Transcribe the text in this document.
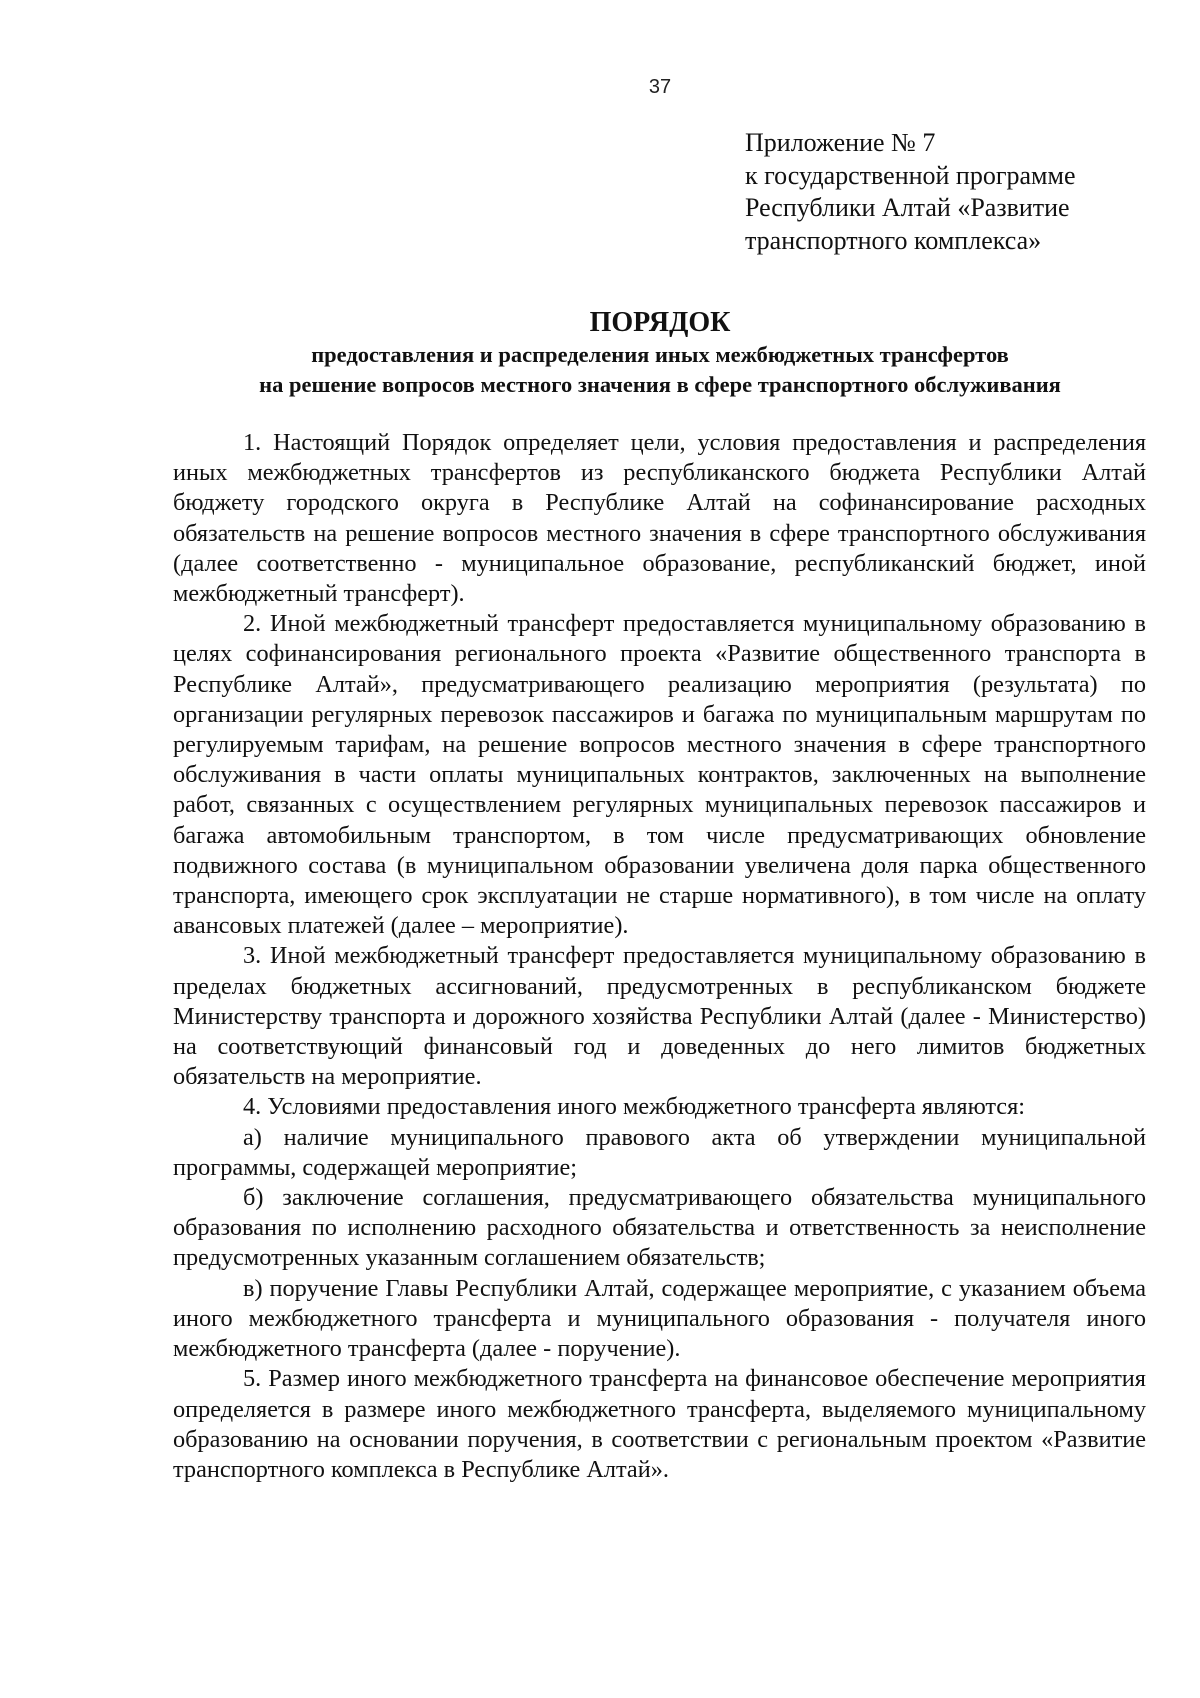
37
Приложение № 7
к государственной программе
Республики Алтай «Развитие
транспортного комплекса»
ПОРЯДОК
предоставления и распределения иных межбюджетных трансфертов
на решение вопросов местного значения в сфере транспортного обслуживания

1. Настоящий Порядок определяет цели, условия предоставления и распределения иных межбюджетных трансфертов из республиканского бюджета Республики Алтай бюджету городского округа в Республике Алтай на софинансирование расходных обязательств на решение вопросов местного значения в сфере транспортного обслуживания (далее соответственно - муниципальное образование, республиканский бюджет, иной межбюджетный трансферт).

2. Иной межбюджетный трансферт предоставляется муниципальному образованию в целях софинансирования регионального проекта «Развитие общественного транспорта в Республике Алтай», предусматривающего реализацию мероприятия (результата) по организации регулярных перевозок пассажиров и багажа по муниципальным маршрутам по регулируемым тарифам, на решение вопросов местного значения в сфере транспортного обслуживания в части оплаты муниципальных контрактов, заключенных на выполнение работ, связанных с осуществлением регулярных муниципальных перевозок пассажиров и багажа автомобильным транспортом, в том числе предусматривающих обновление подвижного состава (в муниципальном образовании увеличена доля парка общественного транспорта, имеющего срок эксплуатации не старше нормативного), в том числе на оплату авансовых платежей (далее – мероприятие).

3. Иной межбюджетный трансферт предоставляется муниципальному образованию в пределах бюджетных ассигнований, предусмотренных в республиканском бюджете Министерству транспорта и дорожного хозяйства Республики Алтай (далее - Министерство) на соответствующий финансовый год и доведенных до него лимитов бюджетных обязательств на мероприятие.

4. Условиями предоставления иного межбюджетного трансферта являются:

а) наличие муниципального правового акта об утверждении муниципальной программы, содержащей мероприятие;

б) заключение соглашения, предусматривающего обязательства муниципального образования по исполнению расходного обязательства и ответственность за неисполнение предусмотренных указанным соглашением обязательств;

в) поручение Главы Республики Алтай, содержащее мероприятие, с указанием объема иного межбюджетного трансферта и муниципального образования - получателя иного межбюджетного трансферта (далее - поручение).

5. Размер иного межбюджетного трансферта на финансовое обеспечение мероприятия определяется в размере иного межбюджетного трансферта, выделяемого муниципальному образованию на основании поручения, в соответствии с региональным проектом «Развитие транспортного комплекса в Республике Алтай».
